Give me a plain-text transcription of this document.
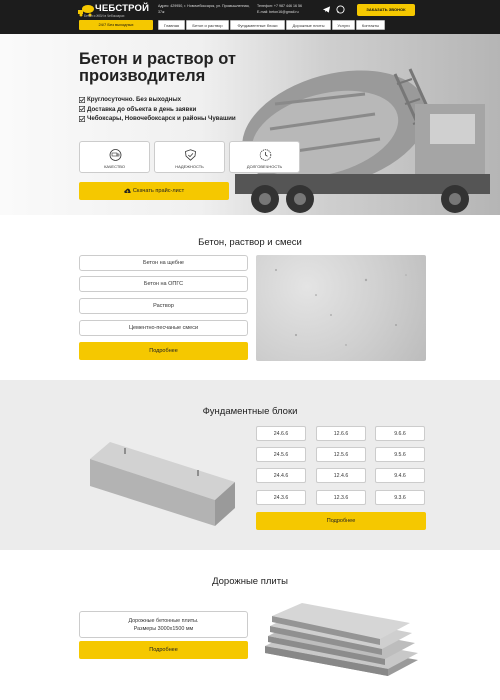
ЧЕБСТРОЙ
Бетон и ЖБИ в Чебоксарах
Адрес: 429950, г. Новочебоксарск, ул. Промышленная, 37ж
Телефон: +7 987 446 16 56
E-mail: beton16@gmail.ru	ЗАКАЗАТЬ ЗВОНОК
24/7 Без выходных	Главная	Бетон и раствор	Фундаментные блоки	Дорожные плиты	Услуги	Контакты
Бетон и раствор от производителя
Круглосуточно. Без выходных
Доставка до объекта в день заявки
Чебоксары, Новочебоксарск и районы Чувашии
КАЧЕСТВО	НАДЕЖНОСТЬ	ДОЛГОВЕЧНОСТЬ
Скачать прайс-лист
Бетон, раствор и смеси
Бетон на щебне
Бетон на ОПГС
Раствор
Цементно-песчаные смеси
Подробнее
Фундаментные блоки
24.6.6	12.6.6	9.6.6
24.5.6	12.5.6	9.5.6
24.4.6	12.4.6	9.4.6
24.3.6	12.3.6	9.3.6
Подробнее
Дорожные плиты
Дорожные бетонные плиты.
Размеры 3000x1500 мм
Подробнее
